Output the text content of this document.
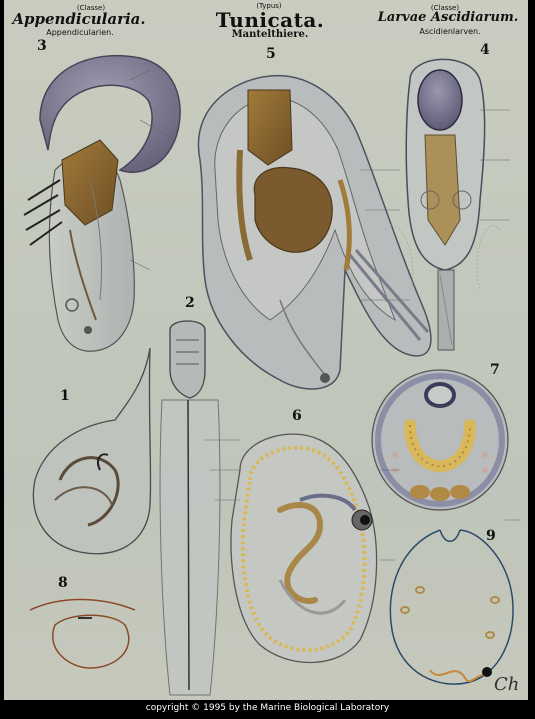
(Classe)
Appendicularia.
Appendicularien.
(Typus)
Tunicata.
Mantelthiere.
(Classe)
Larvae Ascidiarum.
Ascidienlarven.
3	5	4
2
1
6
7
8
9
Ch
copyright © 1995 by the Marine Biological Laboratory
